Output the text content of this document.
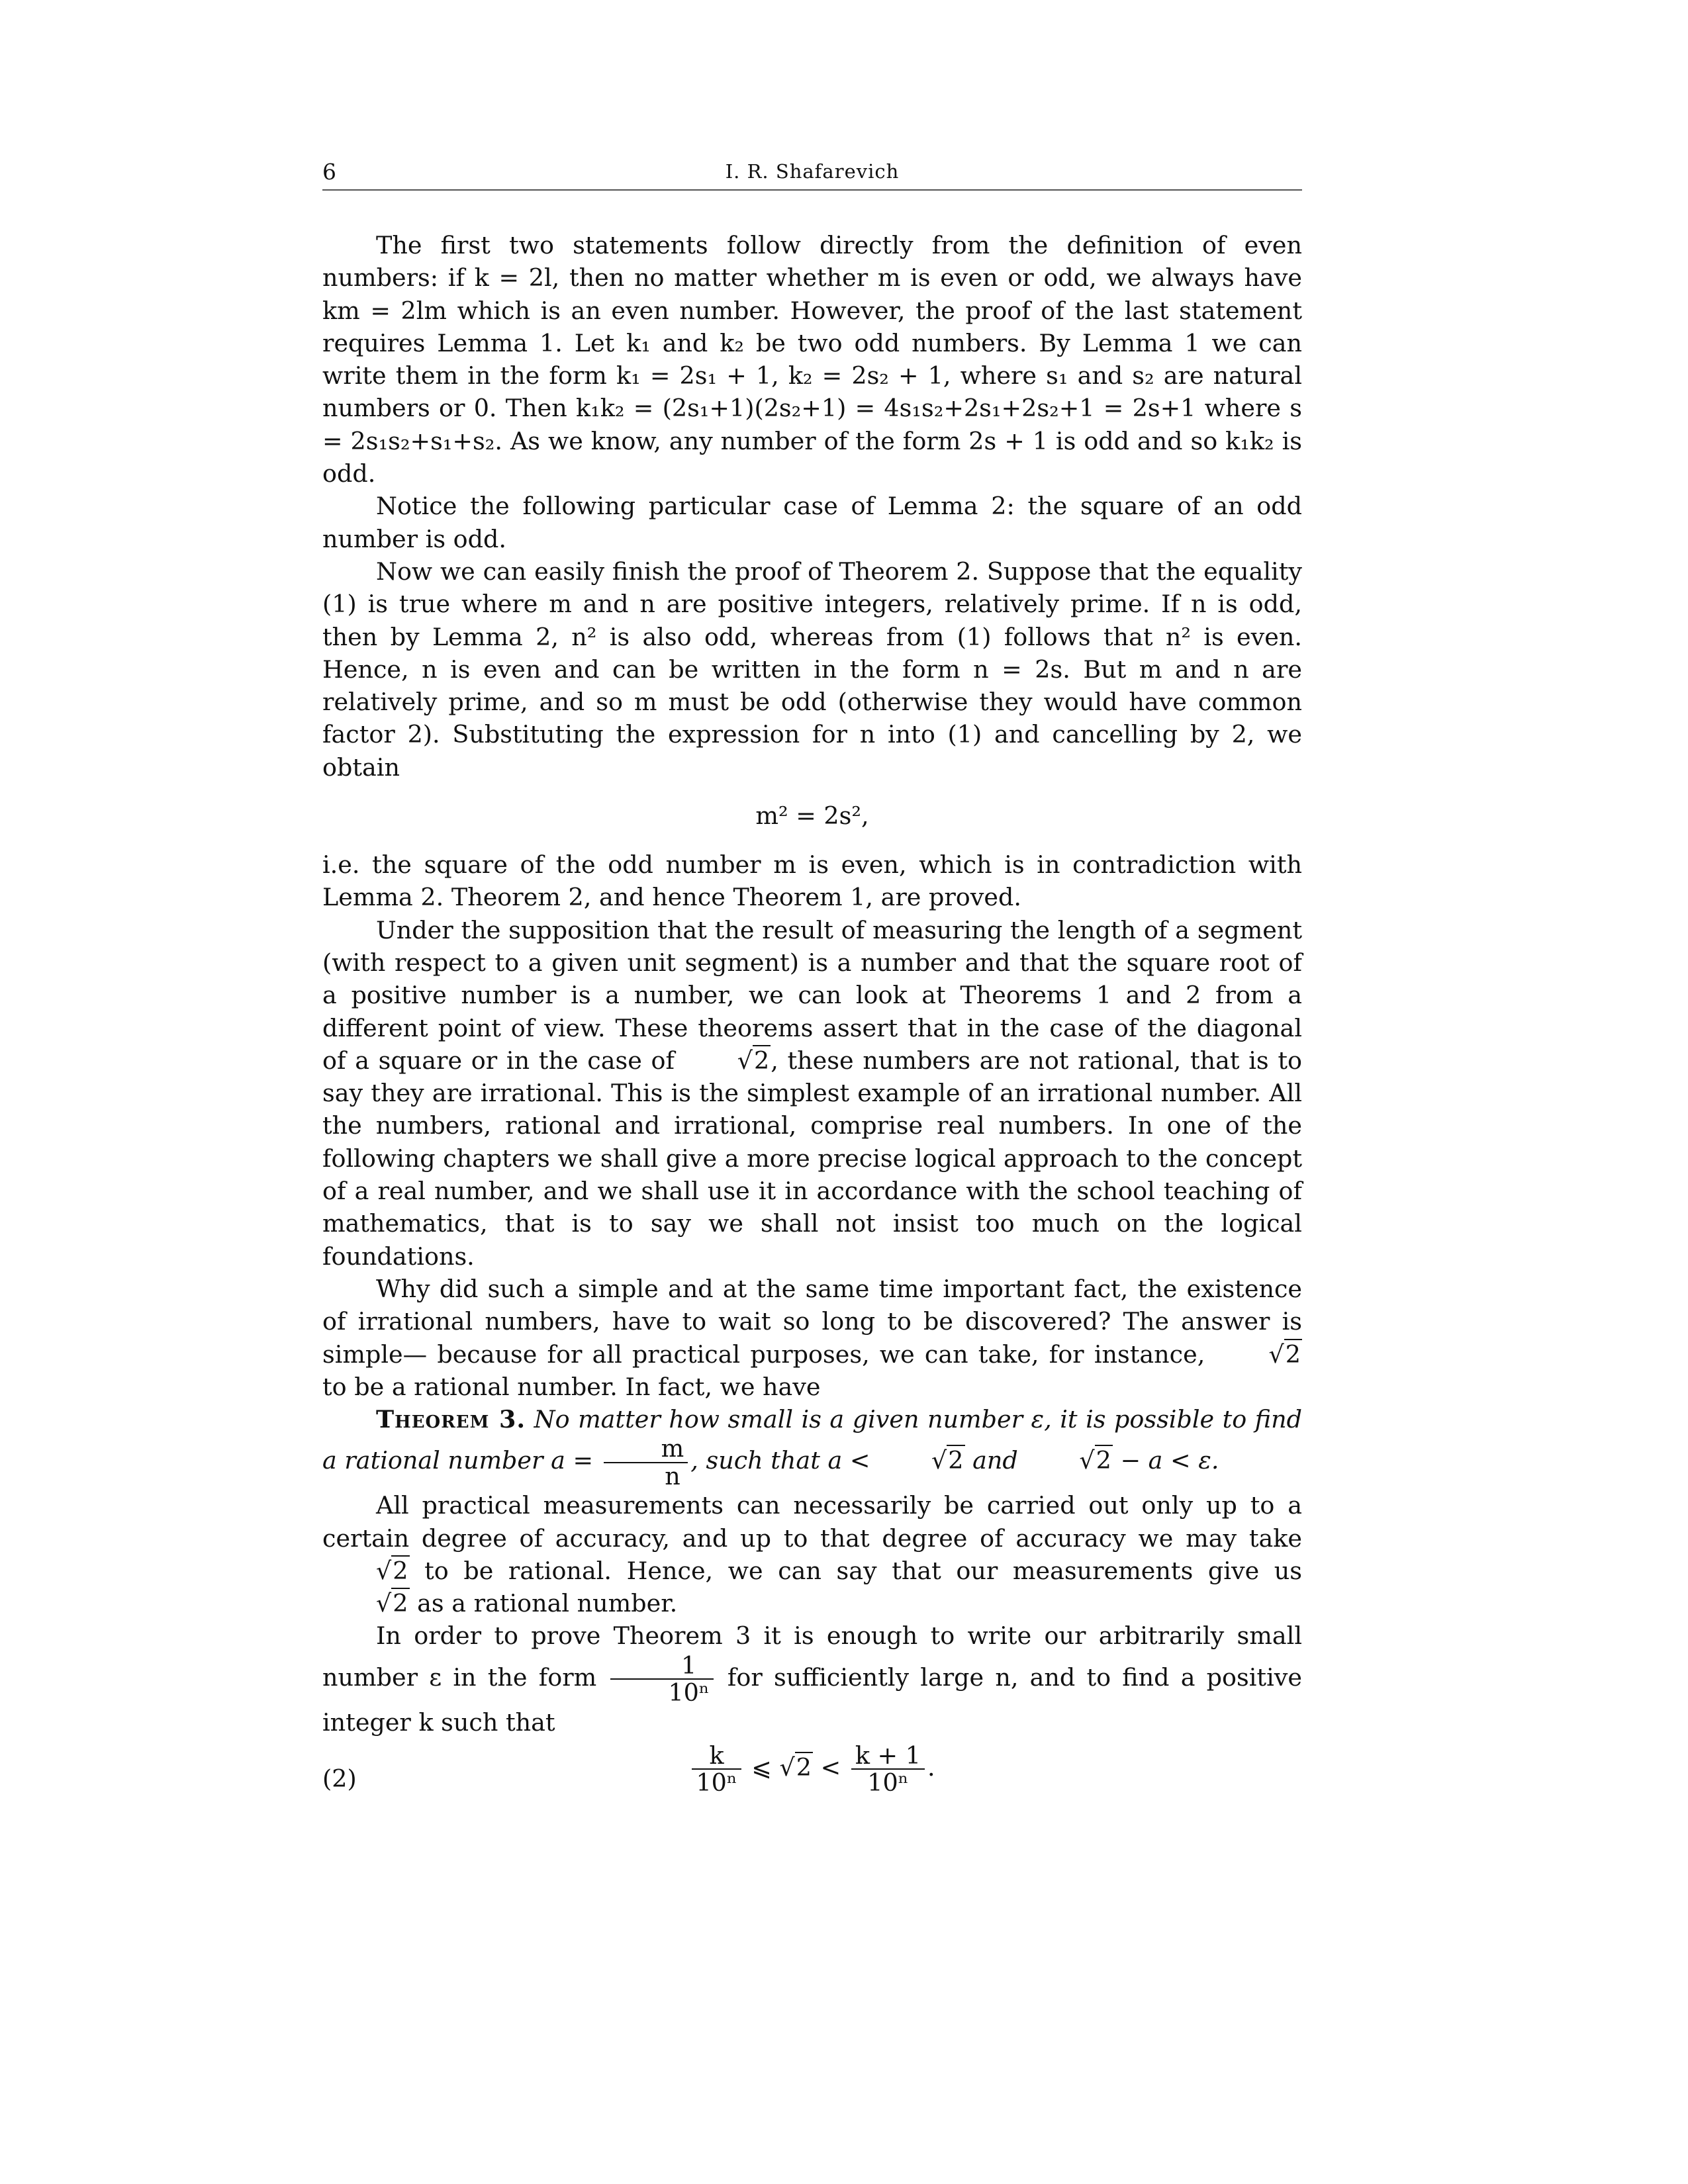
6	I. R. Shafarevich

The first two statements follow directly from the definition of even numbers: if k = 2l, then no matter whether m is even or odd, we always have km = 2lm which is an even number. However, the proof of the last statement requires Lemma 1. Let k₁ and k₂ be two odd numbers. By Lemma 1 we can write them in the form k₁ = 2s₁ + 1, k₂ = 2s₂ + 1, where s₁ and s₂ are natural numbers or 0. Then k₁k₂ = (2s₁+1)(2s₂+1) = 4s₁s₂+2s₁+2s₂+1 = 2s+1 where s = 2s₁s₂+s₁+s₂. As we know, any number of the form 2s + 1 is odd and so k₁k₂ is odd.

Notice the following particular case of Lemma 2: the square of an odd number is odd.

Now we can easily finish the proof of Theorem 2. Suppose that the equality (1) is true where m and n are positive integers, relatively prime. If n is odd, then by Lemma 2, n² is also odd, whereas from (1) follows that n² is even. Hence, n is even and can be written in the form n = 2s. But m and n are relatively prime, and so m must be odd (otherwise they would have common factor 2). Substituting the expression for n into (1) and cancelling by 2, we obtain

m² = 2s²,

i.e. the square of the odd number m is even, which is in contradiction with Lemma 2. Theorem 2, and hence Theorem 1, are proved.

Under the supposition that the result of measuring the length of a segment (with respect to a given unit segment) is a number and that the square root of a positive number is a number, we can look at Theorems 1 and 2 from a different point of view. These theorems assert that in the case of the diagonal of a square or in the case of	√2, these numbers are not rational, that is to say they are irrational. This is the simplest example of an irrational number. All the numbers, rational and irrational, comprise real numbers. In one of the following chapters we shall give a more precise logical approach to the concept of a real number, and we shall use it in accordance with the school teaching of mathematics, that is to say we shall not insist too much on the logical foundations.

Why did such a simple and at the same time important fact, the existence of irrational numbers, have to wait so long to be discovered? The answer is simple— because for all practical purposes, we can take, for instance,	√2 to be a rational number. In fact, we have

Theorem 3. No matter how small is a given number ε, it is possible to find a rational number $a = \frac{m}{n}$ , such that a <	√2 and	√2 − a < ε.

All practical measurements can necessarily be carried out only up to a certain degree of accuracy, and up to that degree of accuracy we may take √2 to be rational. Hence, we can say that our measurements give us √2 as a rational number.

In order to prove Theorem 3 it is enough to write our arbitrarily small number ε in the form $\frac{1}{\text{10ⁿ}}$ for sufficiently large n, and to find a positive integer k such that

(2)	$\frac{k}{\text{10ⁿ}}$ ⩽ $√2 < \frac{k + 1}{\text{10ⁿ}}$ .
